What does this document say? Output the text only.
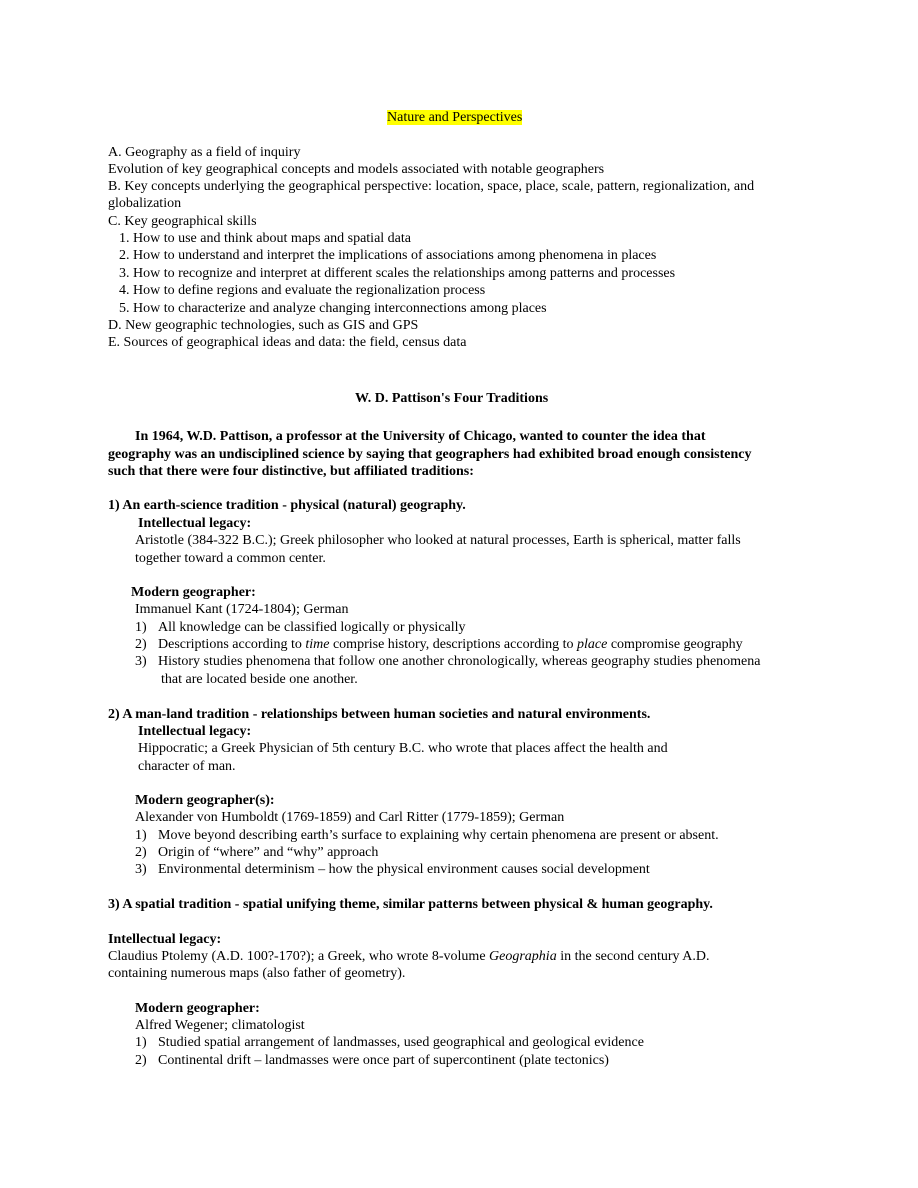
Nature and Perspectives
A. Geography as a field of inquiry
Evolution of key geographical concepts and models associated with notable geographers
B. Key concepts underlying the geographical perspective: location, space, place, scale, pattern, regionalization, and
globalization
C. Key geographical skills
1. How to use and think about maps and spatial data
2. How to understand and interpret the implications of associations among phenomena in places
3. How to recognize and interpret at different scales the relationships among patterns and processes
4. How to define regions and evaluate the regionalization process
5. How to characterize and analyze changing interconnections among places
D. New geographic technologies, such as GIS and GPS
E. Sources of geographical ideas and data: the field, census data
W. D. Pattison's Four Traditions
In 1964, W.D. Pattison, a professor at the University of Chicago, wanted to counter the idea that
geography was an undisciplined science by saying that geographers had exhibited broad enough consistency
such that there were four distinctive, but affiliated traditions:
1) An earth-science tradition - physical (natural) geography.
Intellectual legacy:
Aristotle (384-322 B.C.); Greek philosopher who looked at natural processes, Earth is spherical, matter falls
together toward a common center.
Modern geographer:
Immanuel Kant (1724-1804); German
1) All knowledge can be classified logically or physically
2) Descriptions according to time comprise history, descriptions according to place compromise geography
3) History studies phenomena that follow one another chronologically, whereas geography studies phenomena
that are located beside one another.
2) A man-land tradition - relationships between human societies and natural environments.
Intellectual legacy:
Hippocratic; a Greek Physician of 5th century B.C. who wrote that places affect the health and
character of man.
Modern geographer(s):
Alexander von Humboldt (1769-1859) and Carl Ritter (1779-1859); German
1) Move beyond describing earth’s surface to explaining why certain phenomena are present or absent.
2) Origin of “where” and “why” approach
3) Environmental determinism – how the physical environment causes social development
3) A spatial tradition - spatial unifying theme, similar patterns between physical & human geography.
Intellectual legacy:
Claudius Ptolemy (A.D. 100?-170?); a Greek, who wrote 8-volume Geographia in the second century A.D.
containing numerous maps (also father of geometry).
Modern geographer:
Alfred Wegener; climatologist
1) Studied spatial arrangement of landmasses, used geographical and geological evidence
2) Continental drift – landmasses were once part of supercontinent (plate tectonics)
